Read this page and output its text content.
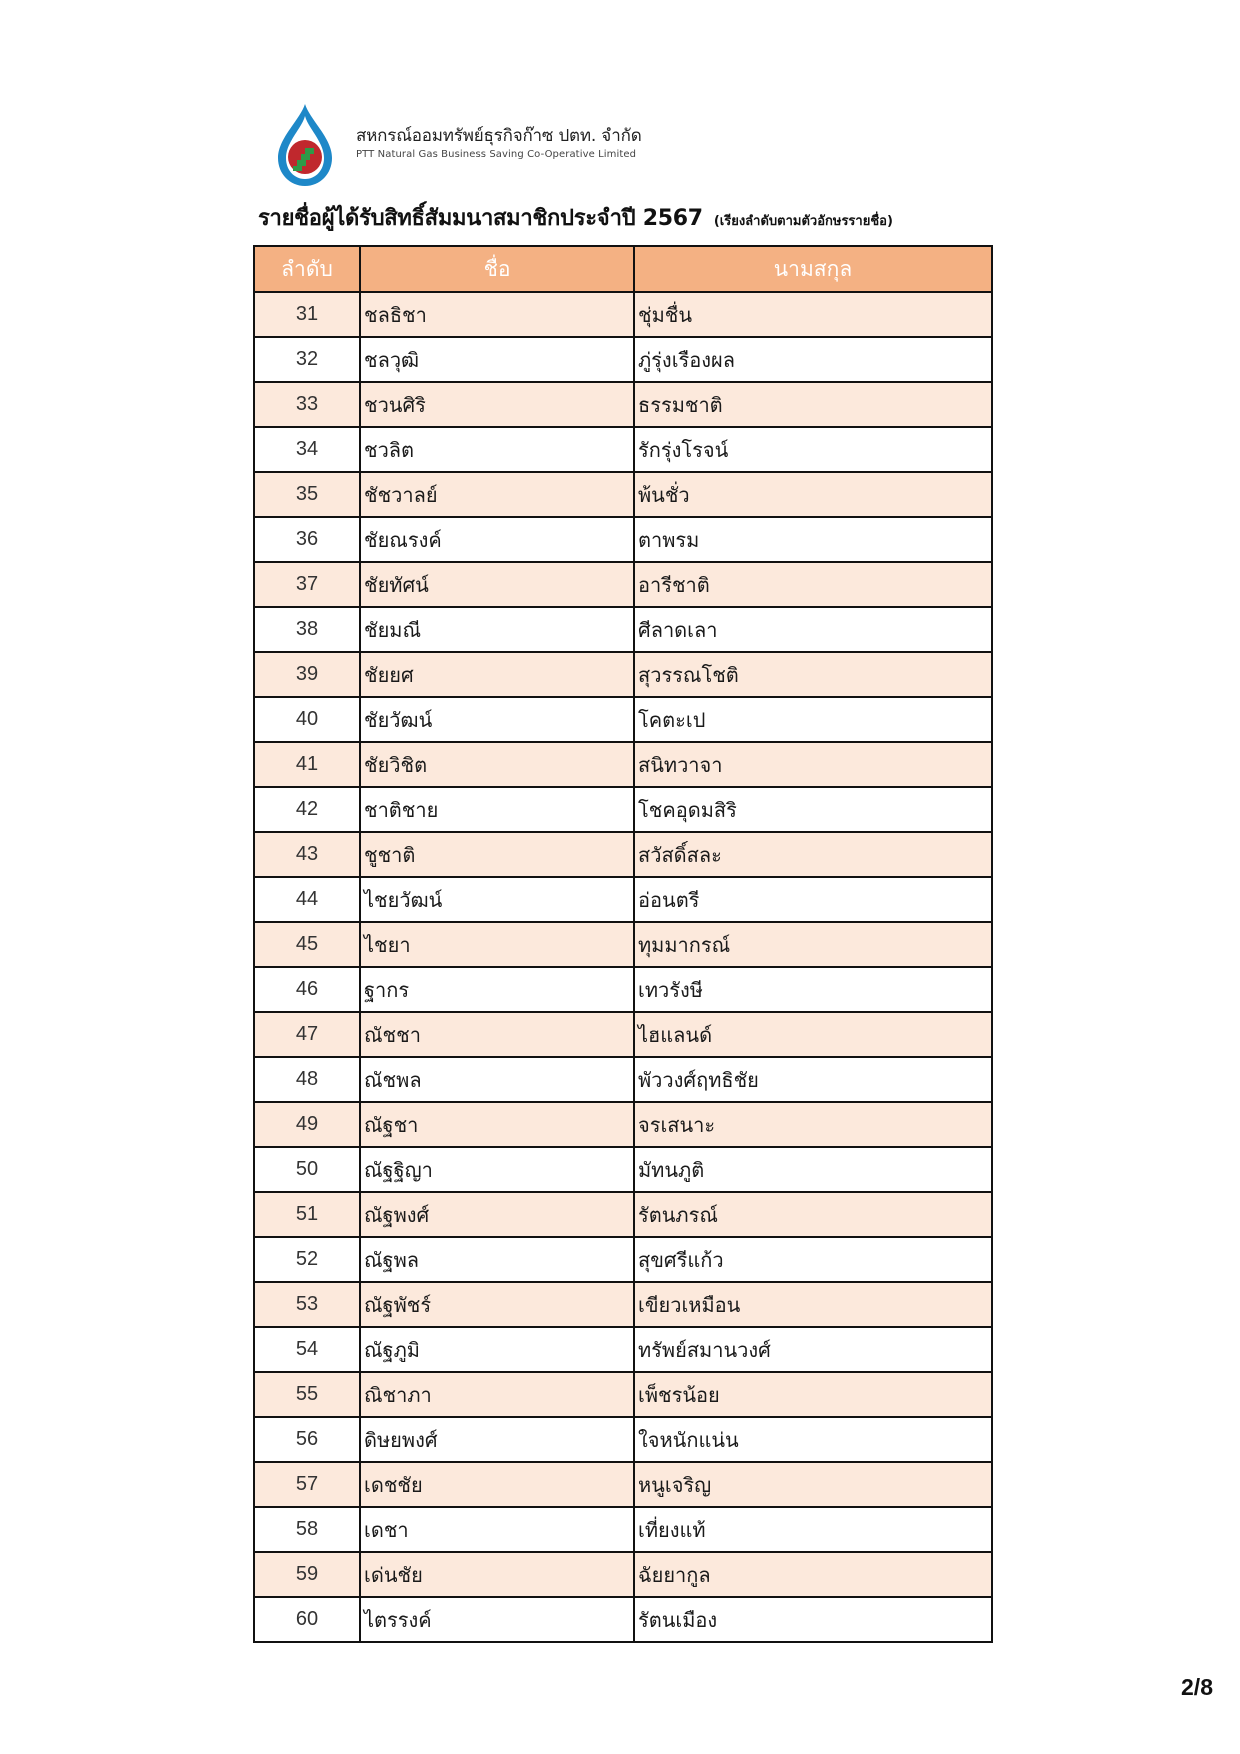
สหกรณ์ออมทรัพย์ธุรกิจก๊าซ ปตท. จำกัด
PTT Natural Gas Business Saving Co-Operative Limited
รายชื่อผู้ได้รับสิทธิ์สัมมนาสมาชิกประจำปี 2567 (เรียงลำดับตามตัวอักษรรายชื่อ)
ลำดับ	ชื่อ	นามสกุล
31	ชลธิชา	ชุ่มชื่น
32	ชลวุฒิ	ภู่รุ่งเรืองผล
33	ชวนศิริ	ธรรมชาติ
34	ชวลิต	รักรุ่งโรจน์
35	ชัชวาลย์	พ้นชั่ว
36	ชัยณรงค์	ตาพรม
37	ชัยทัศน์	อารีชาติ
38	ชัยมณี	ศีลาดเลา
39	ชัยยศ	สุวรรณโชติ
40	ชัยวัฒน์	โคตะเป
41	ชัยวิชิต	สนิทวาจา
42	ชาติชาย	โชคอุดมสิริ
43	ชูชาติ	สวัสดิ์สละ
44	ไชยวัฒน์	อ่อนตรี
45	ไชยา	ทุมมากรณ์
46	ฐากร	เทวรังษี
47	ณัชชา	ไฮแลนด์
48	ณัชพล	พัววงศ์ฤทธิชัย
49	ณัฐชา	จรเสนาะ
50	ณัฐฐิญา	มัทนภูติ
51	ณัฐพงศ์	รัตนภรณ์
52	ณัฐพล	สุขศรีแก้ว
53	ณัฐพัชร์	เขียวเหมือน
54	ณัฐภูมิ	ทรัพย์สมานวงศ์
55	ณิชาภา	เพ็ชรน้อย
56	ดิษยพงศ์	ใจหนักแน่น
57	เดชชัย	หนูเจริญ
58	เดชา	เที่ยงแท้
59	เด่นชัย	ฉัยยากูล
60	ไตรรงค์	รัตนเมือง
2/8
